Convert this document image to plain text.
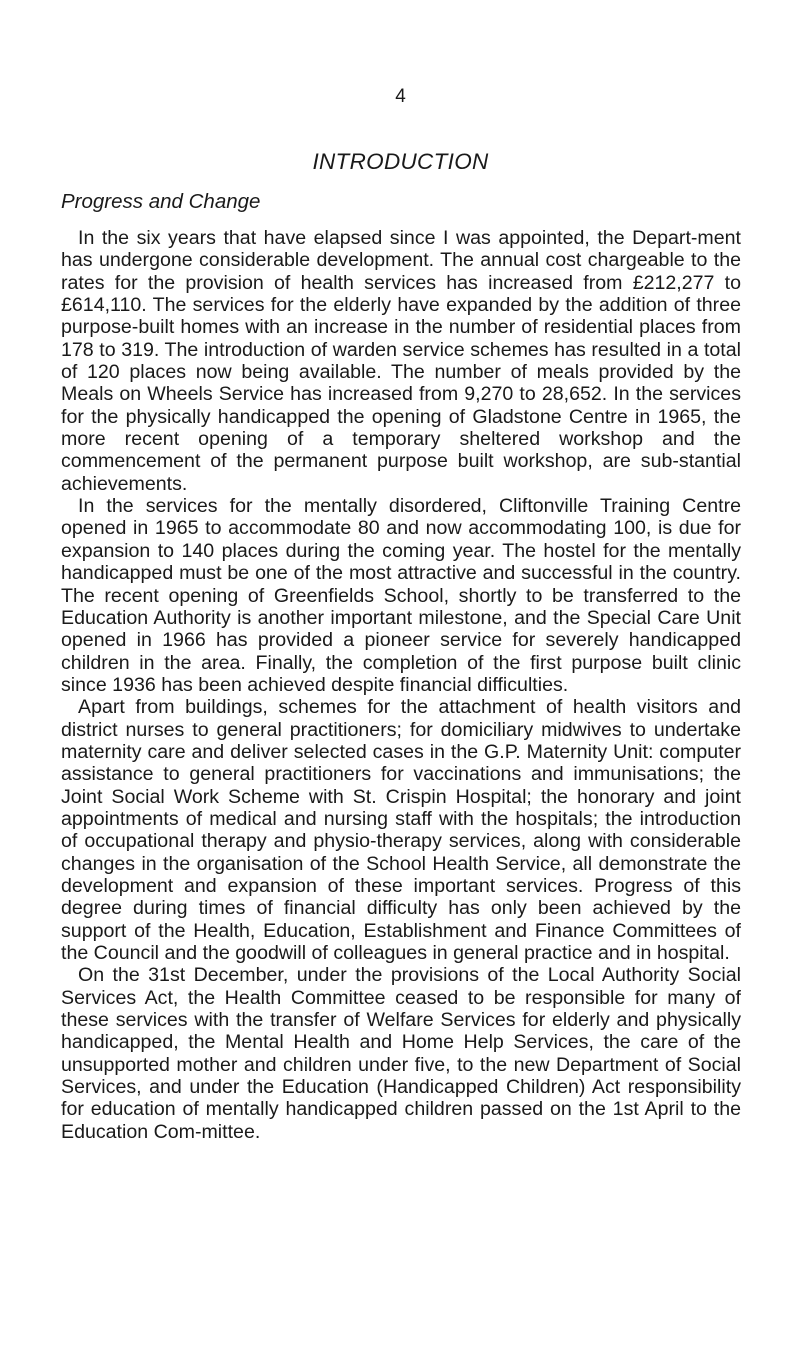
4
INTRODUCTION
Progress and Change

In the six years that have elapsed since I was appointed, the Depart-ment has undergone considerable development. The annual cost chargeable to the rates for the provision of health services has increased from £212,277 to £614,110. The services for the elderly have expanded by the addition of three purpose-built homes with an increase in the number of residential places from 178 to 319. The introduction of warden service schemes has resulted in a total of 120 places now being available. The number of meals provided by the Meals on Wheels Service has increased from 9,270 to 28,652. In the services for the physically handicapped the opening of Gladstone Centre in 1965, the more recent opening of a temporary sheltered workshop and the commencement of the permanent purpose built workshop, are sub-stantial achievements.

In the services for the mentally disordered, Cliftonville Training Centre opened in 1965 to accommodate 80 and now accommodating 100, is due for expansion to 140 places during the coming year. The hostel for the mentally handicapped must be one of the most attractive and successful in the country. The recent opening of Greenfields School, shortly to be transferred to the Education Authority is another important milestone, and the Special Care Unit opened in 1966 has provided a pioneer service for severely handicapped children in the area. Finally, the completion of the first purpose built clinic since 1936 has been achieved despite financial difficulties.

Apart from buildings, schemes for the attachment of health visitors and district nurses to general practitioners; for domiciliary midwives to undertake maternity care and deliver selected cases in the G.P. Maternity Unit: computer assistance to general practitioners for vaccinations and immunisations; the Joint Social Work Scheme with St. Crispin Hospital; the honorary and joint appointments of medical and nursing staff with the hospitals; the introduction of occupational therapy and physio-therapy services, along with considerable changes in the organisation of the School Health Service, all demonstrate the development and expansion of these important services. Progress of this degree during times of financial difficulty has only been achieved by the support of the Health, Education, Establishment and Finance Committees of the Council and the goodwill of colleagues in general practice and in hospital.

On the 31st December, under the provisions of the Local Authority Social Services Act, the Health Committee ceased to be responsible for many of these services with the transfer of Welfare Services for elderly and physically handicapped, the Mental Health and Home Help Services, the care of the unsupported mother and children under five, to the new Department of Social Services, and under the Education (Handicapped Children) Act responsibility for education of mentally handicapped children passed on the 1st April to the Education Com-mittee.
